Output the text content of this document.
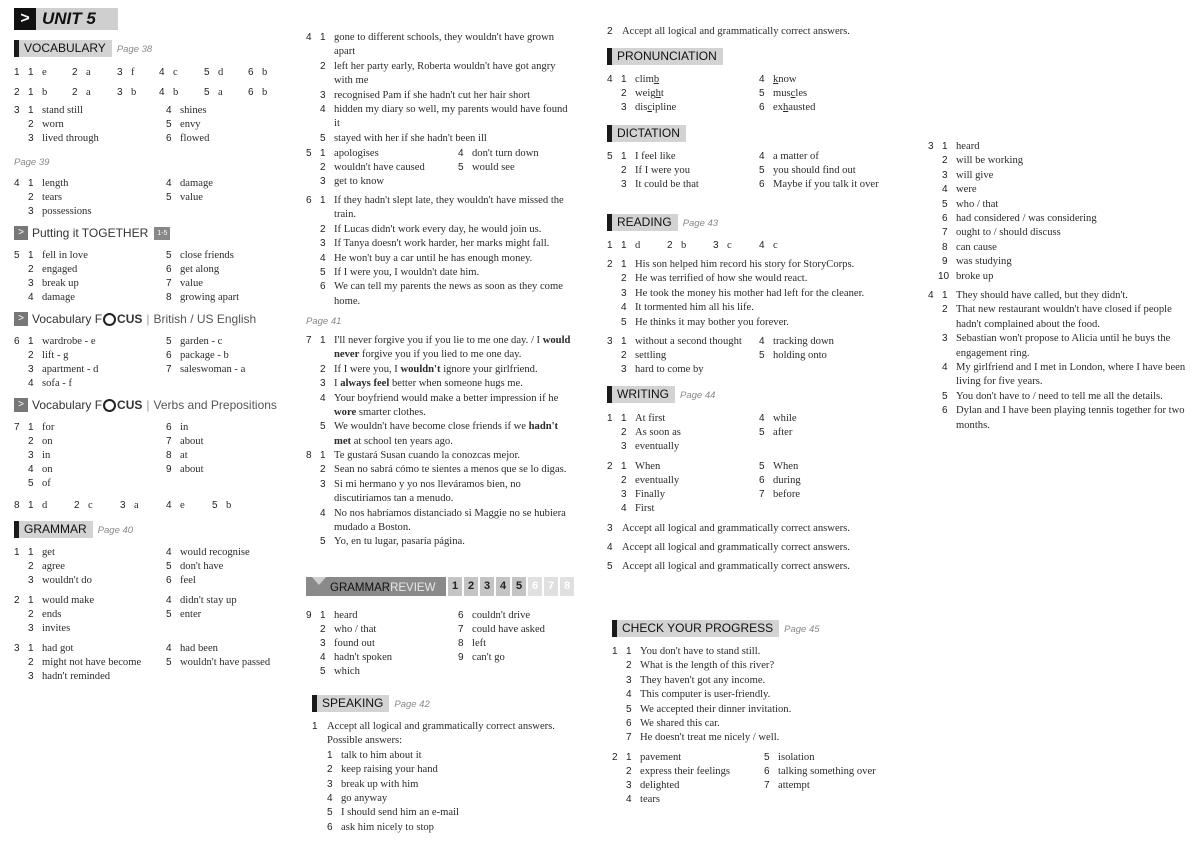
> UNIT 5
VOCABULARY Page 38
1 1 e	2 a	3 f 4 c	5 d 6 b
2 1 b 2 a	3 b 4 b	5 a	6 b
3 1 stand still
2 worn
3 lived through
4 shines
5 envy
6 flowed
Page 39
4 1 length
2 tears
3 possessions
4 damage
5 value
> Putting it TOGETHER	1-5
5 1 fell in love
2 engaged
3 break up
4 damage
5 close friends
6 get along
7 value
8 growing apart
> Vocabulary F CUS | British / US English
6 1 wardrobe - e
2 lift - g
3 apartment - d
4 sofa - f
5 garden - c
6 package - b
7 saleswoman - a
> Vocabulary F CUS | Verbs and Prepositions
7 1 for
2 on
3 in
4 on
5 of
6 in
7 about
8 at
9 about
8 1 d	2 c	3 a	4 e	5 b
GRAMMAR Page 40
1 1 get
2 agree
3 wouldn't do
4 would recognise
5 don't have
6 feel
2 1 would make
2 ends
3 invites
4 didn't stay up
5 enter
3 1 had got
2 might not have become
3 hadn't reminded
4 had been
5 wouldn't have passed
4 1 gone to different schools, they wouldn't have grown apart
2 left her party early, Roberta wouldn't have got angry with me
3 recognised Pam if she hadn't cut her hair short
4 hidden my diary so well, my parents would have found it
5 stayed with her if she hadn't been ill
5 1 apologises
2 wouldn't have caused
3 get to know
4 don't turn down
5 would see
6 1 If they hadn't slept late, they wouldn't have missed the train.
2 If Lucas didn't work every day, he would join us.
3 If Tanya doesn't work harder, her marks might fall.
4 He won't buy a car until he has enough money.
5 If I were you, I wouldn't date him.
6 We can tell my parents the news as soon as they come home.
Page 41
7 1 I'll never forgive you if you lie to me one day. / I would never forgive you if you lied to me one day.
2 If I were you, I wouldn't ignore your girlfriend.
3 I always feel better when someone hugs me.
4 Your boyfriend would make a better impression if he wore smarter clothes.
5 We wouldn't have become close friends if we hadn't met at school ten years ago.
8 1 Te gustará Susan cuando la conozcas mejor.
2 Sean no sabrá cómo te sientes a menos que se lo digas.
3 Si mi hermano y yo nos lleváramos bien, no discutiríamos tan a menudo.
4 No nos habríamos distanciado si Maggie no se hubiera mudado a Boston.
5 Yo, en tu lugar, pasaría página.
GRAMMAR REVIEW	1 2 3 4 5 6 7 8
9 1 heard
2 who / that
3 found out
4 hadn't spoken
5 which
6 couldn't drive
7 could have asked
8 left
9 can't go
SPEAKING Page 42
1 Accept all logical and grammatically correct answers.
Possible answers:
1 talk to him about it
2 keep raising your hand
3 break up with him
4 go anyway
5 I should send him an e-mail
6 ask him nicely to stop
2 Accept all logical and grammatically correct answers.
PRONUNCIATION
4 1 climb
2 weight
3 discipline
4 know
5 muscles
6 exhausted
DICTATION
5 1 I feel like
2 If I were you
3 It could be that
4 a matter of
5 you should find out
6 Maybe if you talk it over
READING Page 43
1 1 d	2 b	3 c	4 c
2 1 His son helped him record his story for StoryCorps.
2 He was terrified of how she would react.
3 He took the money his mother had left for the cleaner.
4 It tormented him all his life.
5 He thinks it may bother you forever.
3 1 without a second thought
2 settling
3 hard to come by
4 tracking down
5 holding onto
WRITING Page 44
1 1 At first
2 As soon as
3 eventually
4 while
5 after
2 1 When
2 eventually
3 Finally
4 First
5 When
6 during
7 before
3 Accept all logical and grammatically correct answers.
4 Accept all logical and grammatically correct answers.
5 Accept all logical and grammatically correct answers.
CHECK YOUR PROGRESS Page 45
1 1 You don't have to stand still.
2 What is the length of this river?
3 They haven't got any income.
4 This computer is user-friendly.
5 We accepted their dinner invitation.
6 We shared this car.
7 He doesn't treat me nicely / well.
2 1 pavement
2 express their feelings
3 delighted
4 tears
5 isolation
6 talking something over
7 attempt
3 1 heard
2 will be working
3 will give
4 were
5 who / that
6 had considered / was considering
7 ought to / should discuss
8 can cause
9 was studying
10 broke up
4 1 They should have called, but they didn't.
2 That new restaurant wouldn't have closed if people hadn't complained about the food.
3 Sebastian won't propose to Alicia until he buys the engagement ring.
4 My girlfriend and I met in London, where I have been living for five years.
5 You don't have to / need to tell me all the details.
6 Dylan and I have been playing tennis together for two months.
